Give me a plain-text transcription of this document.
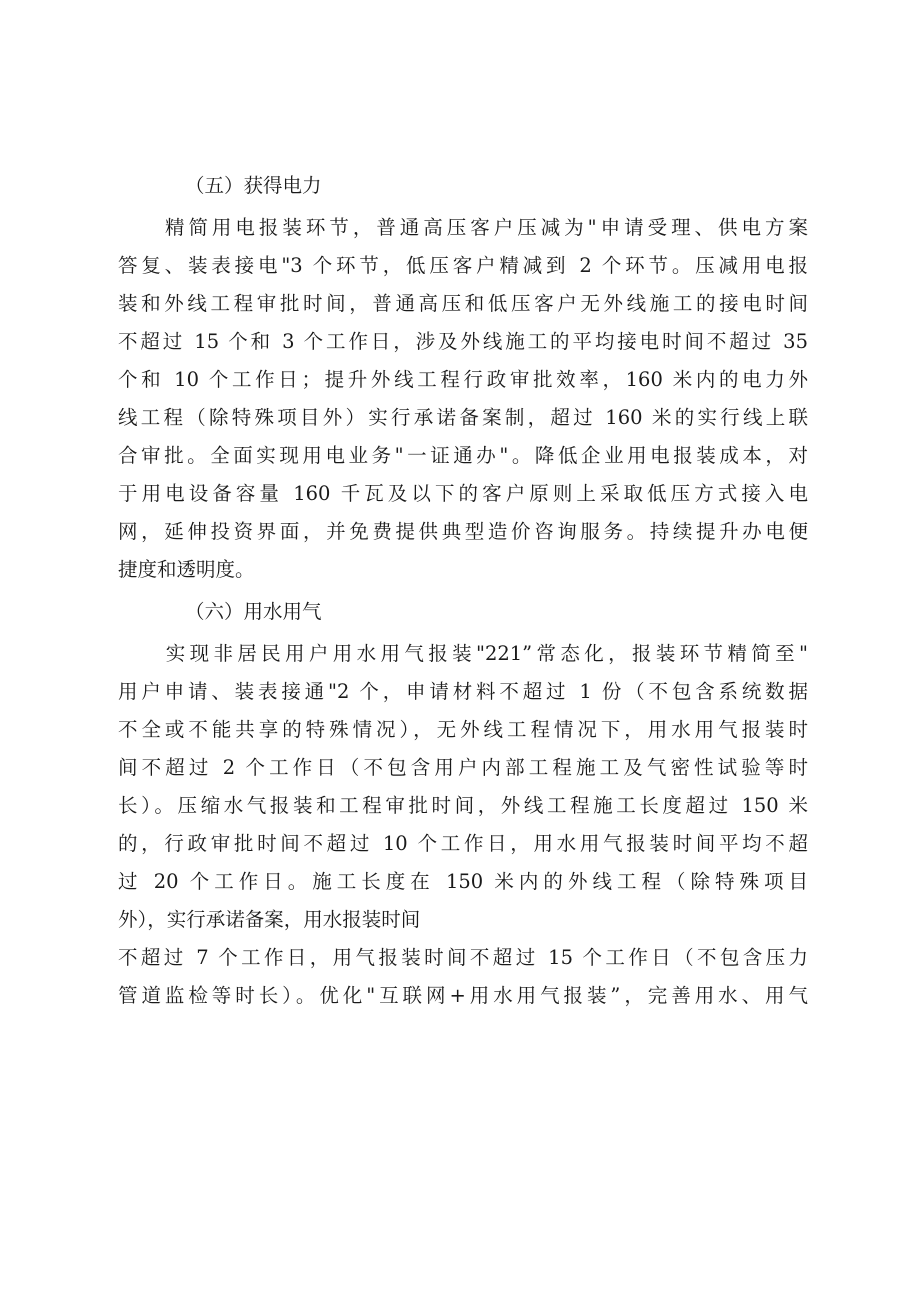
（五）获得电力
　　精简用电报装环节，普通高压客户压减为"申请受理、供电方案
答复、装表接电"3 个环节，低压客户精减到 2 个环节。压减用电报
装和外线工程审批时间，普通高压和低压客户无外线施工的接电时间
不超过 15 个和 3 个工作日，涉及外线施工的平均接电时间不超过 35
个和 10 个工作日；提升外线工程行政审批效率，160 米内的电力外
线工程（除特殊项目外）实行承诺备案制，超过 160 米的实行线上联
合审批。全面实现用电业务"一证通办"。降低企业用电报装成本，对
于用电设备容量 160 千瓦及以下的客户原则上采取低压方式接入电
网，延伸投资界面，并免费提供典型造价咨询服务。持续提升办电便
捷度和透明度。
（六）用水用气
　　实现非居民用户用水用气报装"221”常态化，报装环节精简至"
用户申请、装表接通"2 个，申请材料不超过 1 份（不包含系统数据
不全或不能共享的特殊情况），无外线工程情况下，用水用气报装时
间不超过 2 个工作日（不包含用户内部工程施工及气密性试验等时
长）。压缩水气报装和工程审批时间，外线工程施工长度超过 150 米
的，行政审批时间不超过 10 个工作日，用水用气报装时间平均不超
过 20 个工作日。施工长度在 150 米内的外线工程（除特殊项目
外），实行承诺备案，用水报装时间
不超过 7 个工作日，用气报装时间不超过 15 个工作日（不包含压力
管道监检等时长）。优化"互联网+用水用气报装”，完善用水、用气
